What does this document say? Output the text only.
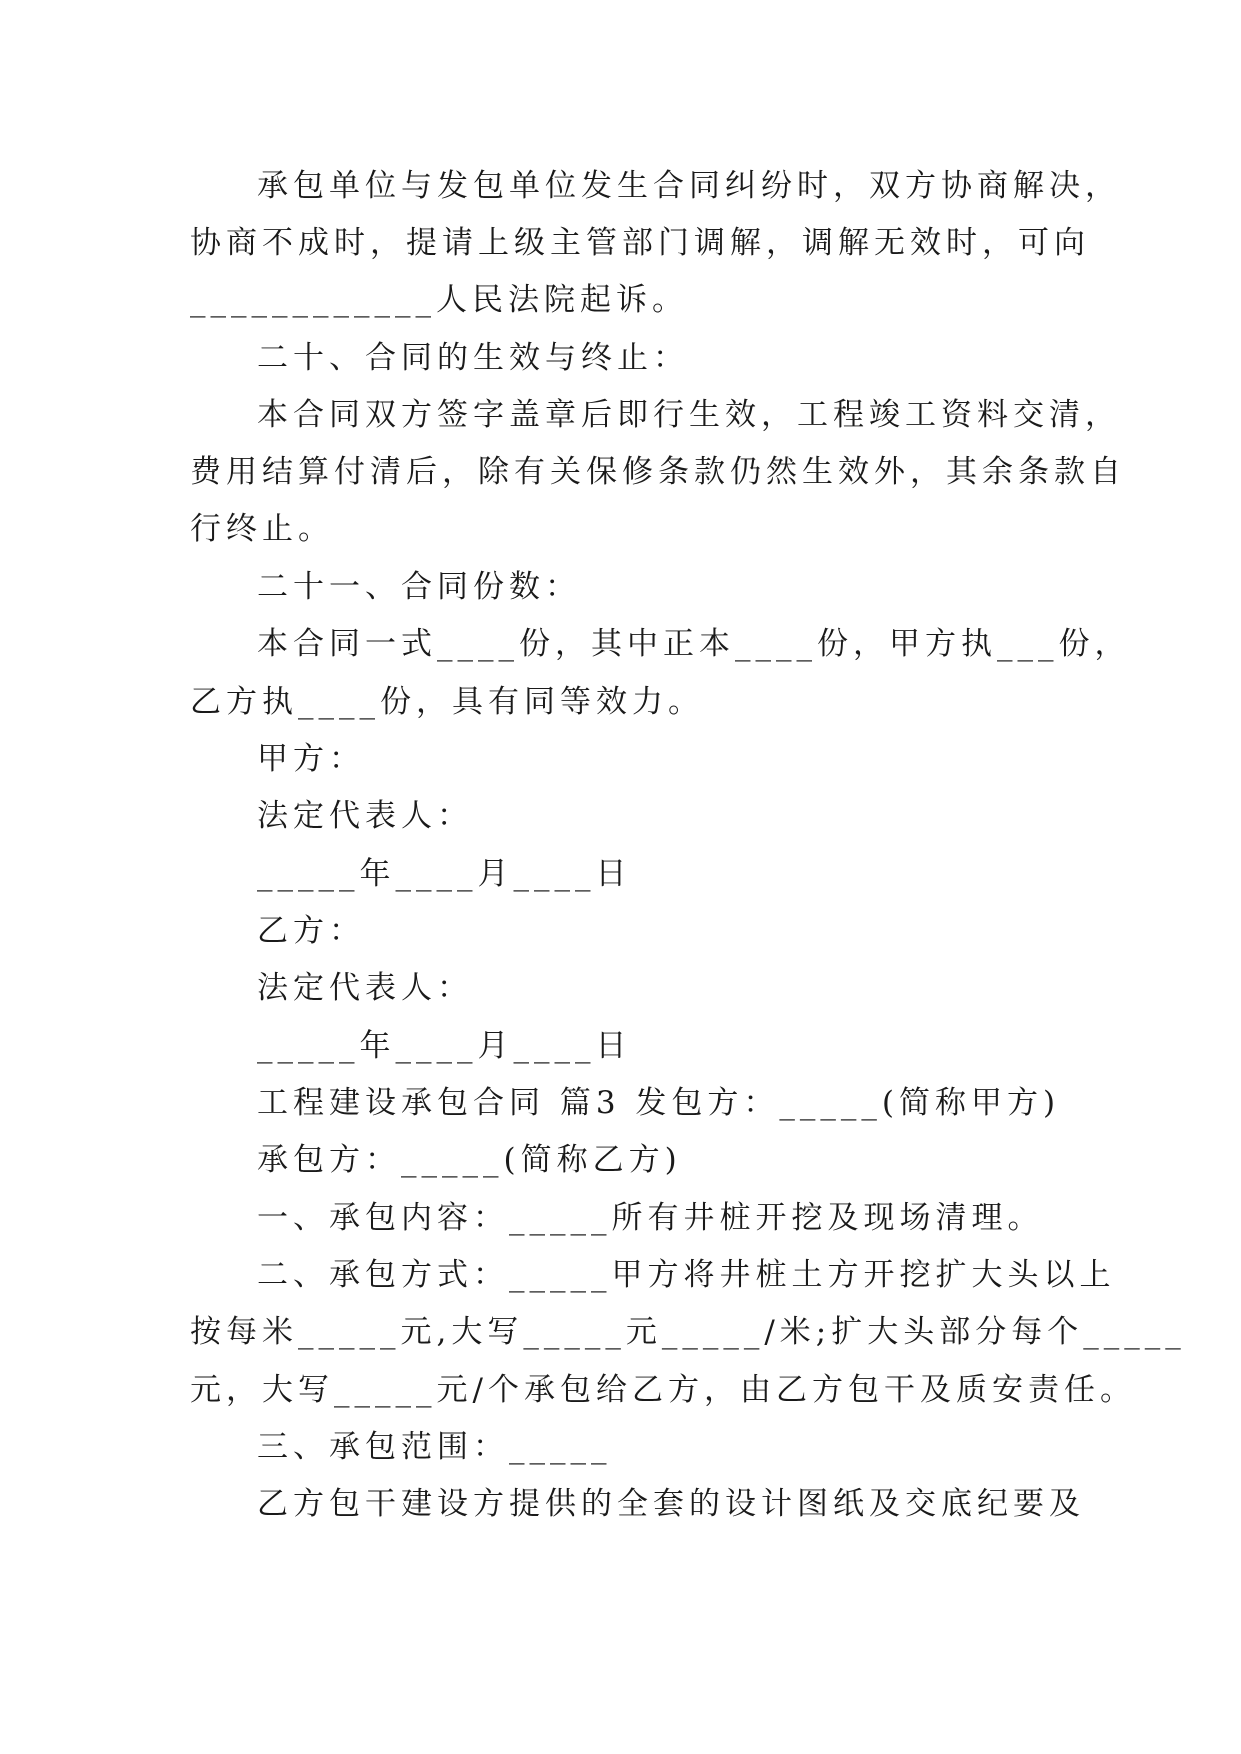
承包单位与发包单位发生合同纠纷时，双方协商解决，
协商不成时，提请上级主管部门调解，调解无效时，可向
____________人民法院起诉。
二十、合同的生效与终止：
本合同双方签字盖章后即行生效，工程竣工资料交清，
费用结算付清后，除有关保修条款仍然生效外，其余条款自
行终止。
二十一、合同份数：
本合同一式____份，其中正本____份，甲方执___份，
乙方执____份，具有同等效力。
甲方：
法定代表人：
_____年____月____日
乙方：
法定代表人：
_____年____月____日
工程建设承包合同 篇3 发包方：_____(简称甲方)
承包方：_____(简称乙方)
一、承包内容：_____所有井桩开挖及现场清理。
二、承包方式：_____甲方将井桩土方开挖扩大头以上
按每米_____元,大写_____元_____/米;扩大头部分每个_____
元，大写_____元/个承包给乙方，由乙方包干及质安责任。
三、承包范围：_____
乙方包干建设方提供的全套的设计图纸及交底纪要及
